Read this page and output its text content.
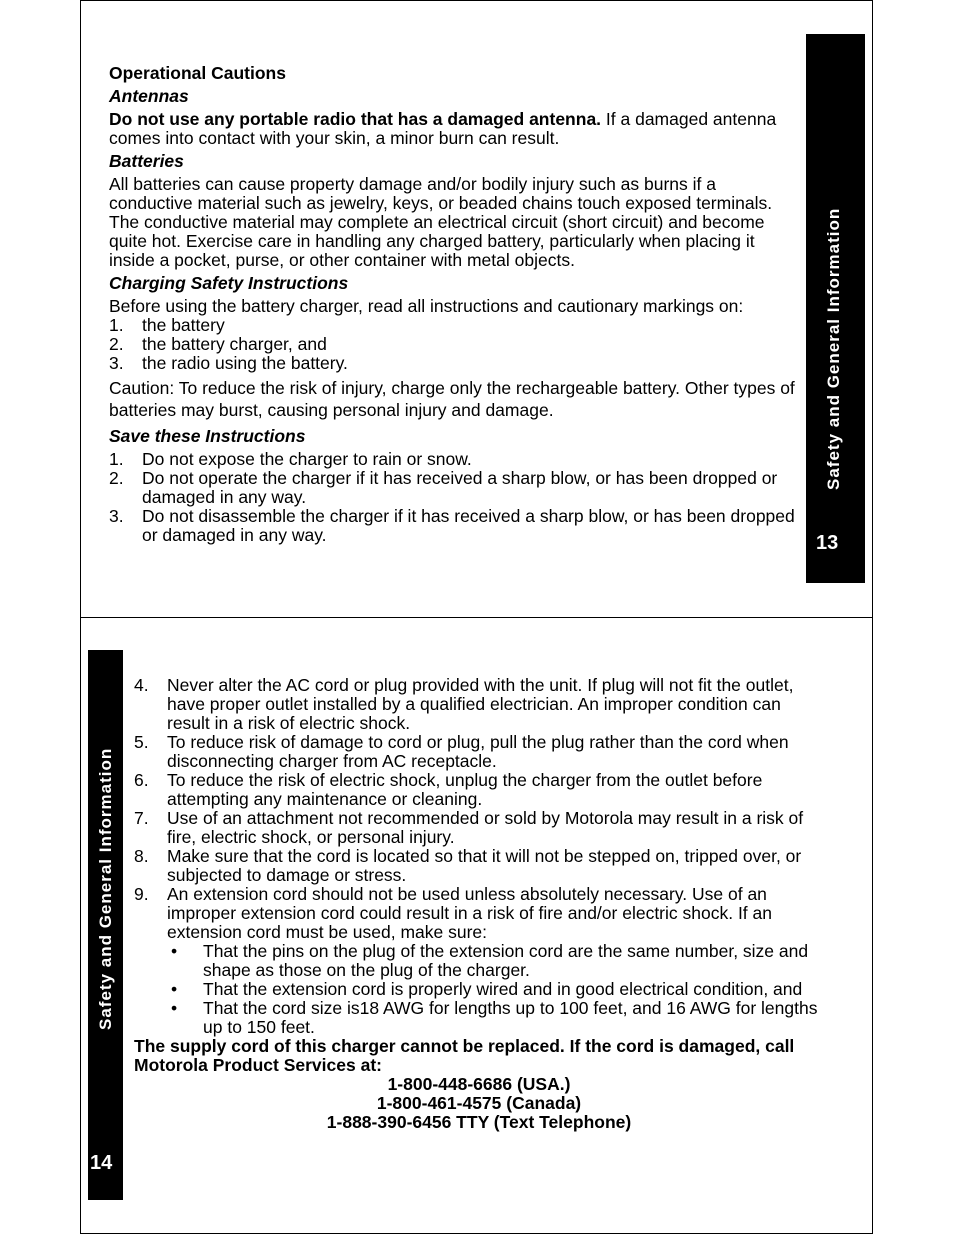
Safety and General Information
13

Operational Cautions

Antennas

Do not use any portable radio that has a damaged antenna. If a damaged antenna comes into contact with your skin, a minor burn can result.

Batteries

All batteries can cause property damage and/or bodily injury such as burns if a conductive material such as jewelry, keys, or beaded chains touch exposed terminals. The conductive material may complete an electrical circuit (short circuit) and become quite hot. Exercise care in handling any charged battery, particularly when placing it inside a pocket, purse, or other container with metal objects.

Charging Safety Instructions

Before using the battery charger, read all instructions and cautionary markings on:

1.	the battery
2.	the battery charger, and
3.	the radio using the battery.

Caution: To reduce the risk of injury, charge only the rechargeable battery. Other types of batteries may burst, causing personal injury and damage.

Save these Instructions

1.	Do not expose the charger to rain or snow.
2.	Do not operate the charger if it has received a sharp blow, or has been dropped or damaged in any way.
3.	Do not disassemble the charger if it has received a sharp blow, or has been dropped or damaged in any way.
Safety and General Information
14
4.	Never alter the AC cord or plug provided with the unit. If plug will not fit the outlet, have proper outlet installed by a qualified electrician. An improper condition can result in a risk of electric shock.
5.	To reduce risk of damage to cord or plug, pull the plug rather than the cord when disconnecting charger from AC receptacle.
6.	To reduce the risk of electric shock, unplug the charger from the outlet before attempting any maintenance or cleaning.
7.	Use of an attachment not recommended or sold by Motorola may result in a risk of fire, electric shock, or personal injury.
8.	Make sure that the cord is located so that it will not be stepped on, tripped over, or subjected to damage or stress.
9.	An extension cord should not be used unless absolutely necessary. Use of an improper extension cord could result in a risk of fire and/or electric shock. If an extension cord must be used, make sure:
•	That the pins on the plug of the extension cord are the same number, size and shape as those on the plug of the charger.
•	That the extension cord is properly wired and in good electrical condition, and
•	That the cord size is18 AWG for lengths up to 100 feet, and 16 AWG for lengths up to 150 feet.

The supply cord of this charger cannot be replaced. If the cord is damaged, call Motorola Product Services at:

1-800-448-6686 (USA.)

1-800-461-4575 (Canada)

1-888-390-6456 TTY (Text Telephone)
